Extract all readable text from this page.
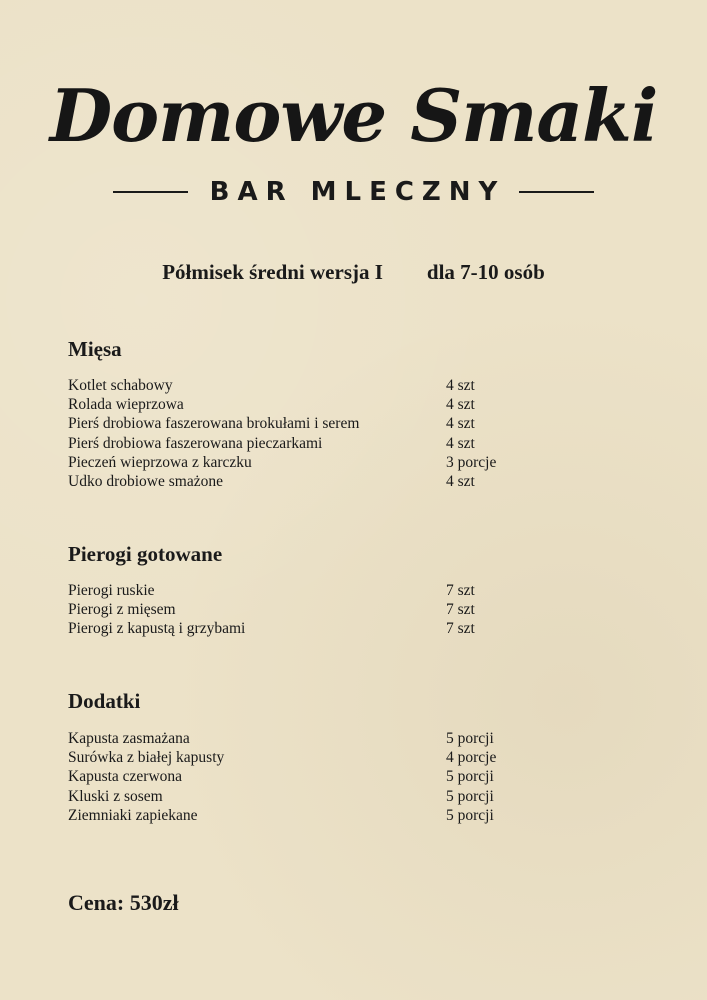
Domowe Smaki
BAR MLECZNY
Półmisek średni wersja I dla 7-10 osób
Mięsa
Kotlet schabowy	4 szt
Rolada wieprzowa	4 szt
Pierś drobiowa faszerowana brokułami i serem	4 szt
Pierś drobiowa faszerowana pieczarkami	4 szt
Pieczeń wieprzowa z karczku	3 porcje
Udko drobiowe smażone	4 szt
Pierogi gotowane
Pierogi ruskie	7 szt
Pierogi z mięsem	7 szt
Pierogi z kapustą i grzybami	7 szt
Dodatki
Kapusta zasmażana	5 porcji
Surówka z białej kapusty	4 porcje
Kapusta czerwona	5 porcji
Kluski z sosem	5 porcji
Ziemniaki zapiekane	5 porcji
Cena: 530zł
